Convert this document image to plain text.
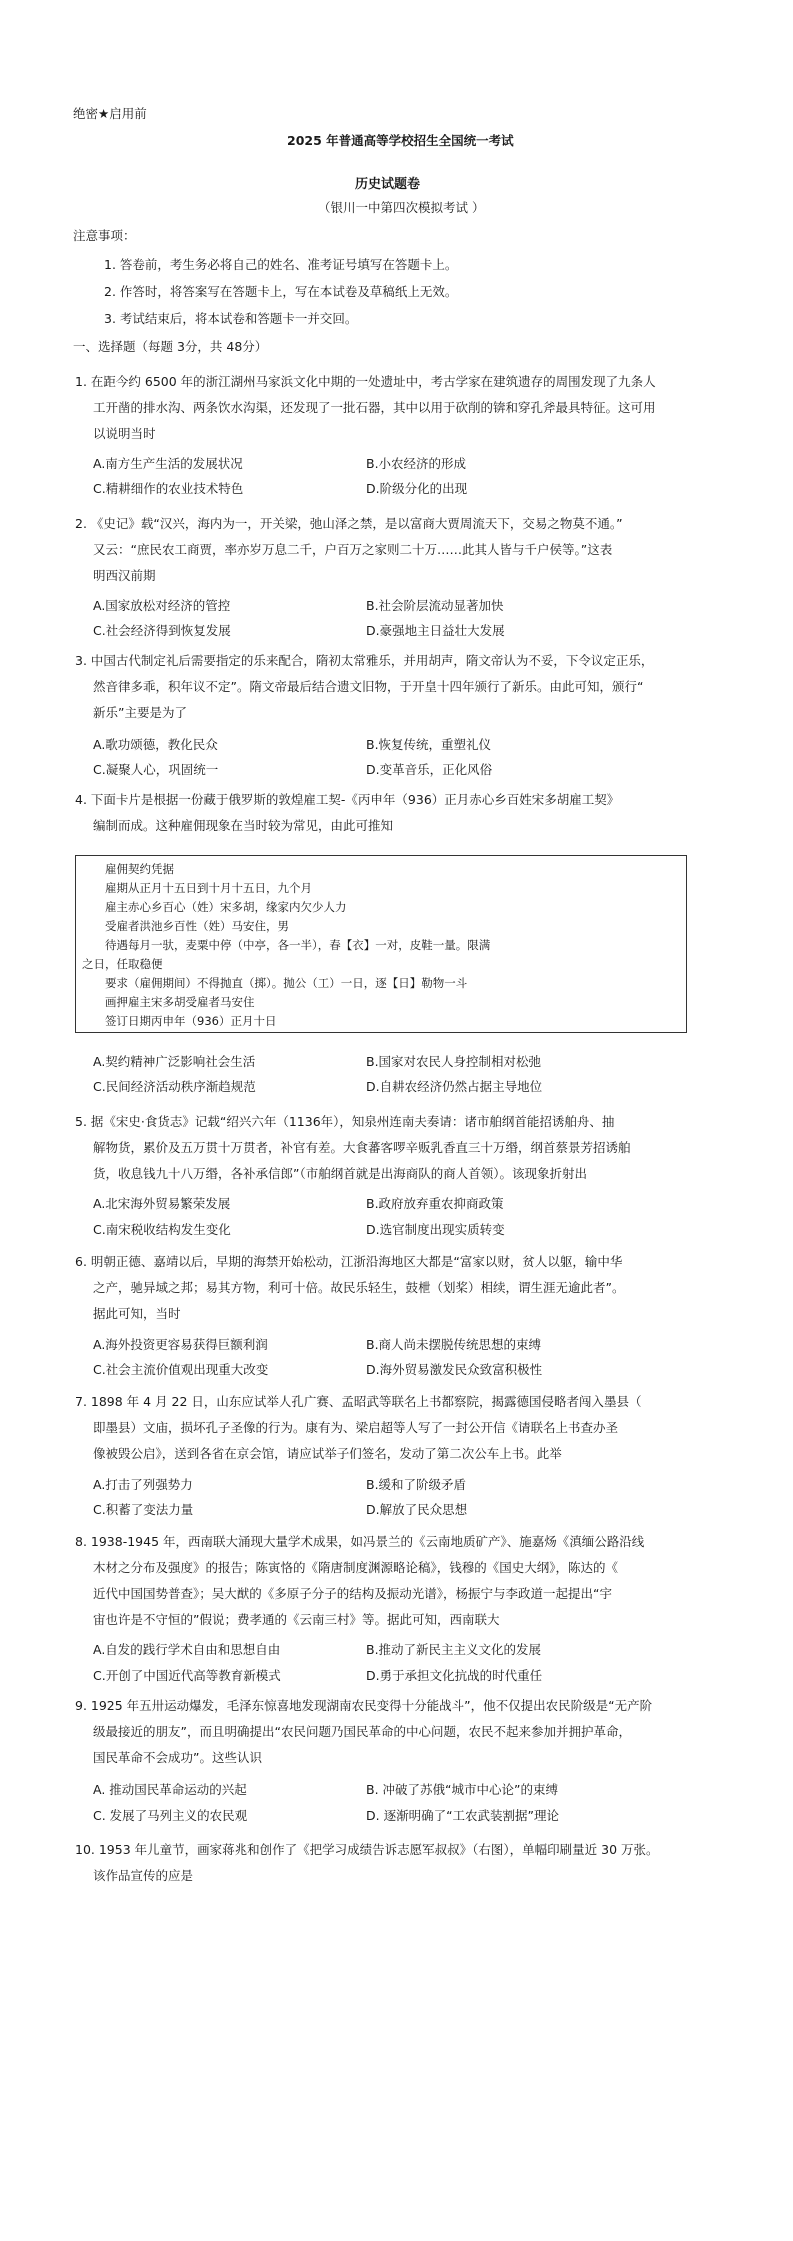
绝密★启用前
2025 年普通高等学校招生全国统一考试
历史试题卷
（银川一中第四次模拟考试 ）
注意事项：
1. 答卷前，考生务必将自己的姓名、准考证号填写在答题卡上。
2. 作答时，将答案写在答题卡上，写在本试卷及草稿纸上无效。
3. 考试结束后，将本试卷和答题卡一并交回。
一、选择题（每题 3分，共 48分）
1. 在距今约 6500 年的浙江湖州马家浜文化中期的一处遗址中，考古学家在建筑遗存的周围发现了九条人
工开凿的排水沟、两条饮水沟渠，还发现了一批石器，其中以用于砍削的锛和穿孔斧最具特征。这可用
以说明当时
A.南方生产生活的发展状况	B.小农经济的形成
C.精耕细作的农业技术特色	D.阶级分化的出现
2. 《史记》载“汉兴，海内为一，开关梁，弛山泽之禁，是以富商大贾周流天下，交易之物莫不通。”
又云：“庶民农工商贾，率亦岁万息二千，户百万之家则二十万……此其人皆与千户侯等。”这表
明西汉前期
A.国家放松对经济的管控	B.社会阶层流动显著加快
C.社会经济得到恢复发展	D.豪强地主日益壮大发展
3. 中国古代制定礼后需要指定的乐来配合，隋初太常雅乐，并用胡声，隋文帝认为不妥，下令议定正乐，
然音律多乖，积年议不定”。隋文帝最后结合遗文旧物，于开皇十四年颁行了新乐。由此可知，颁行“
新乐”主要是为了
A.歌功颂德，教化民众	B.恢复传统，重塑礼仪
C.凝聚人心，巩固统一	D.变革音乐，正化风俗
4. 下面卡片是根据一份藏于俄罗斯的敦煌雇工契-《丙申年（936）正月赤心乡百姓宋多胡雇工契》
编制而成。这种雇佣现象在当时较为常见，由此可推知
雇佣契约凭据
雇期从正月十五日到十月十五日，九个月
雇主赤心乡百心（姓）宋多胡，缘家内欠少人力
受雇者洪池乡百性（姓）马安住，男
待遇每月一驮，麦粟中停（中亭，各一半），春【衣】一对，皮鞋一量。限满
之日，任取稳便
要求（雇佣期间）不得抛直（掷）。抛公（工）一日，逐【日】勒物一斗
画押雇主宋多胡受雇者马安住
签订日期丙申年（936）正月十日
A.契约精神广泛影响社会生活	B.国家对农民人身控制相对松弛
C.民间经济活动秩序渐趋规范	D.自耕农经济仍然占据主导地位
5. 据《宋史·食货志》记载“绍兴六年（1136年），知泉州连南夫奏请：诸市舶纲首能招诱舶舟、抽
解物货，累价及五万贯十万贯者，补官有差。大食蕃客啰辛贩乳香直三十万缗，纲首蔡景芳招诱舶
货，收息钱九十八万缗，各补承信郎”（市舶纲首就是出海商队的商人首领）。该现象折射出
A.北宋海外贸易繁荣发展	B.政府放弃重农抑商政策
C.南宋税收结构发生变化	D.选官制度出现实质转变
6. 明朝正德、嘉靖以后，早期的海禁开始松动，江浙沿海地区大都是“富家以财，贫人以躯，输中华
之产，驰异域之邦；易其方物，利可十倍。故民乐轻生，鼓枻（划桨）相续，谓生涯无逾此者”。
据此可知，当时
A.海外投资更容易获得巨额利润	B.商人尚未摆脱传统思想的束缚
C.社会主流价值观出现重大改变	D.海外贸易激发民众致富积极性
7. 1898 年 4 月 22 日，山东应试举人孔广赛、孟昭武等联名上书都察院，揭露德国侵略者闯入墨县（
即墨县）文庙，损坏孔子圣像的行为。康有为、梁启超等人写了一封公开信《请联名上书查办圣
像被毁公启》，送到各省在京会馆，请应试举子们签名，发动了第二次公车上书。此举
A.打击了列强势力	B.缓和了阶级矛盾
C.积蓄了变法力量	D.解放了民众思想
8. 1938-1945 年，西南联大涌现大量学术成果，如冯景兰的《云南地质矿产》、施嘉炀《滇缅公路沿线
木材之分布及强度》的报告；陈寅恪的《隋唐制度渊源略论稿》，钱穆的《国史大纲》，陈达的《
近代中国国势普查》；吴大猷的《多原子分子的结构及振动光谱》，杨振宁与李政道一起提出“宇
宙也许是不守恒的”假说；费孝通的《云南三村》等。据此可知，西南联大
A.自发的践行学术自由和思想自由	B.推动了新民主主义文化的发展
C.开创了中国近代高等教育新模式	D.勇于承担文化抗战的时代重任
9. 1925 年五卅运动爆发，毛泽东惊喜地发现湖南农民变得十分能战斗”，他不仅提出农民阶级是“无产阶
级最接近的朋友”，而且明确提出“农民问题乃国民革命的中心问题，农民不起来参加并拥护革命，
国民革命不会成功”。这些认识
A. 推动国民革命运动的兴起	B. 冲破了苏俄“城市中心论”的束缚
C. 发展了马列主义的农民观	D. 逐渐明确了“工农武装割据”理论
10. 1953 年儿童节，画家蒋兆和创作了《把学习成绩告诉志愿军叔叔》（右图），单幅印刷量近 30 万张。
该作品宣传的应是
